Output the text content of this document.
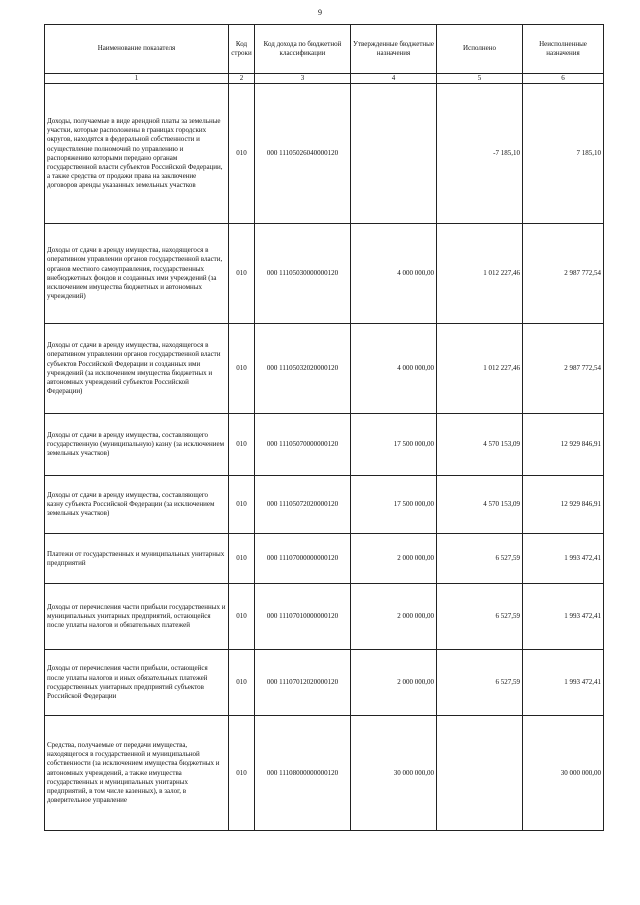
9
Наименование показателя	Код строки	Код дохода по бюджетной классификации	Утвержденные бюджетные назначения	Исполнено	Неисполненные назначения
1	2	3	4	5	6
Доходы, получаемые в виде арендной платы за земельные участки, которые расположены в границах городских округов, находятся в федеральной собственности и осуществление полномочий по управлению и распоряжению которыми передано органам государственной власти субъектов Российской Федерации, а также средства от продажи права на заключение договоров аренды указанных земельных участков	010	000 11105026040000120		-7 185,10	7 185,10
Доходы от сдачи в аренду имущества, находящегося в оперативном управлении органов государственной власти, органов местного самоуправления, государственных внебюджетных фондов и созданных ими учреждений (за исключением имущества бюджетных и автономных учреждений)	010	000 11105030000000120	4 000 000,00	1 012 227,46	2 987 772,54
Доходы от сдачи в аренду имущества, находящегося в оперативном управлении органов государственной власти субъектов Российской Федерации и созданных ими учреждений (за исключением имущества бюджетных и автономных учреждений субъектов Российской Федерации)	010	000 11105032020000120	4 000 000,00	1 012 227,46	2 987 772,54
Доходы от сдачи в аренду имущества, составляющего государственную (муниципальную) казну (за исключением земельных участков)	010	000 11105070000000120	17 500 000,00	4 570 153,09	12 929 846,91
Доходы от сдачи в аренду имущества, составляющего казну субъекта Российской Федерации (за исключением земельных участков)	010	000 11105072020000120	17 500 000,00	4 570 153,09	12 929 846,91
Платежи от государственных и муниципальных унитарных предприятий	010	000 11107000000000120	2 000 000,00	6 527,59	1 993 472,41
Доходы от перечисления части прибыли государственных и муниципальных унитарных предприятий, остающейся после уплаты налогов и обязательных платежей	010	000 11107010000000120	2 000 000,00	6 527,59	1 993 472,41
Доходы от перечисления части прибыли, остающейся после уплаты налогов и иных обязательных платежей государственных унитарных предприятий субъектов Российской Федерации	010	000 11107012020000120	2 000 000,00	6 527,59	1 993 472,41
Средства, получаемые от передачи имущества, находящегося в государственной и муниципальной собственности (за исключением имущества бюджетных и автономных учреждений, а также имущества государственных и муниципальных унитарных предприятий, в том числе казенных), в залог, в доверительное управление	010	000 11108000000000120	30 000 000,00		30 000 000,00
